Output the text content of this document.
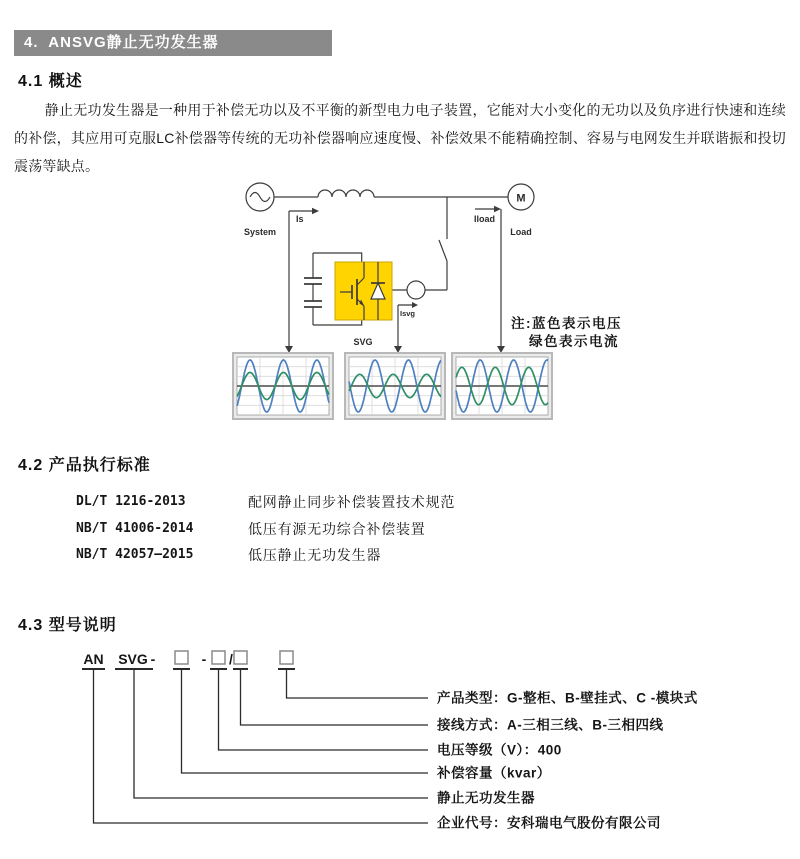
4.  ANSVG静止无功发生器
4.1 概述
静止无功发生器是一种用于补偿无功以及不平衡的新型电力电子装置，它能对大小变化的无功以及负序进行快速和连续的补偿，其应用可克服LC补偿器等传统的无功补偿器响应速度慢、补偿效果不能精确控制、容易与电网发生并联谐振和投切震荡等缺点。
System
M
Load
Is	Iload
SVG
Isvg
注:蓝色表示电压
绿色表示电流
4.2 产品执行标准
DL/T 1216-2013	配网静止同步补偿装置技术规范
NB/T 41006-2014	低压有源无功综合补偿装置
NB/T 42057—2015	低压静止无功发生器
4.3 型号说明
AN SVG -	- /
产品类型：G-整柜、B-壁挂式、C -模块式
接线方式：A-三相三线、B-三相四线
电压等级（V）：400
补偿容量（kvar）
静止无功发生器
企业代号：安科瑞电气股份有限公司
